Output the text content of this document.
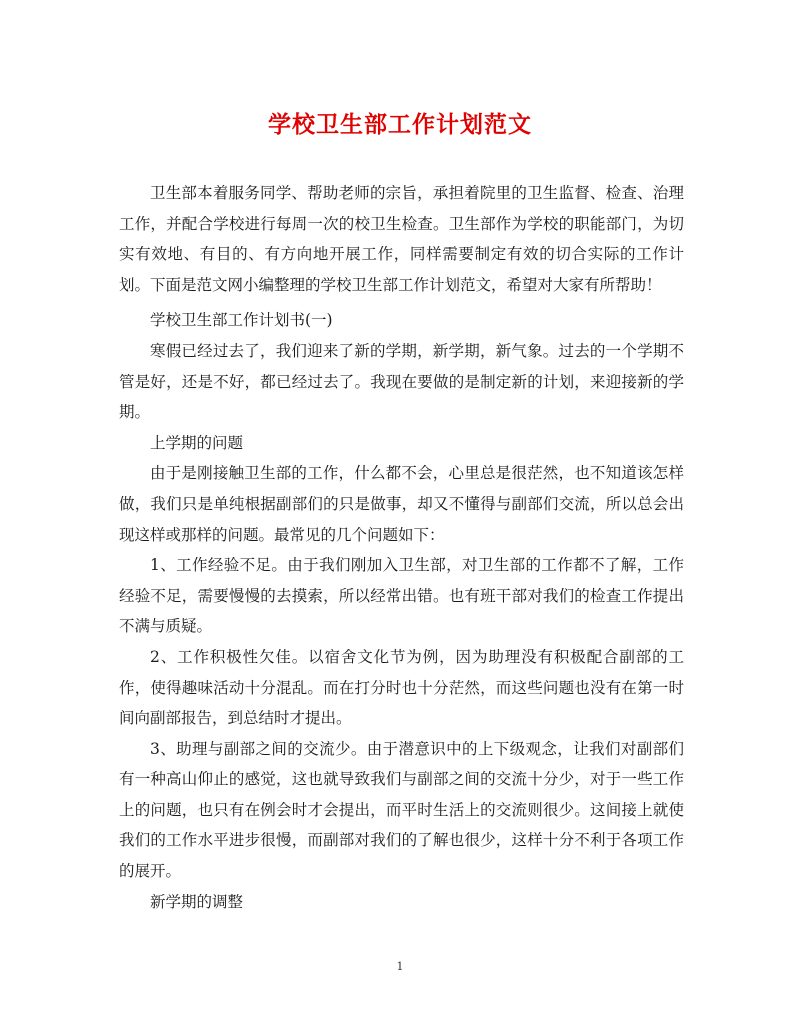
学校卫生部工作计划范文

卫生部本着服务同学、帮助老师的宗旨，承担着院里的卫生监督、检查、治理工作，并配合学校进行每周一次的校卫生检查。卫生部作为学校的职能部门，为切实有效地、有目的、有方向地开展工作，同样需要制定有效的切合实际的工作计划。下面是范文网小编整理的学校卫生部工作计划范文，希望对大家有所帮助！

学校卫生部工作计划书(一)

寒假已经过去了，我们迎来了新的学期，新学期，新气象。过去的一个学期不管是好，还是不好，都已经过去了。我现在要做的是制定新的计划，来迎接新的学期。

上学期的问题

由于是刚接触卫生部的工作，什么都不会，心里总是很茫然，也不知道该怎样做，我们只是单纯根据副部们的只是做事，却又不懂得与副部们交流，所以总会出现这样或那样的问题。最常见的几个问题如下：

1、工作经验不足。由于我们刚加入卫生部，对卫生部的工作都不了解，工作经验不足，需要慢慢的去摸索，所以经常出错。也有班干部对我们的检查工作提出不满与质疑。

2、工作积极性欠佳。以宿舍文化节为例，因为助理没有积极配合副部的工作，使得趣味活动十分混乱。而在打分时也十分茫然，而这些问题也没有在第一时间向副部报告，到总结时才提出。

3、助理与副部之间的交流少。由于潜意识中的上下级观念，让我们对副部们有一种高山仰止的感觉，这也就导致我们与副部之间的交流十分少，对于一些工作上的问题，也只有在例会时才会提出，而平时生活上的交流则很少。这间接上就使我们的工作水平进步很慢，而副部对我们的了解也很少，这样十分不利于各项工作的展开。

新学期的调整

1
